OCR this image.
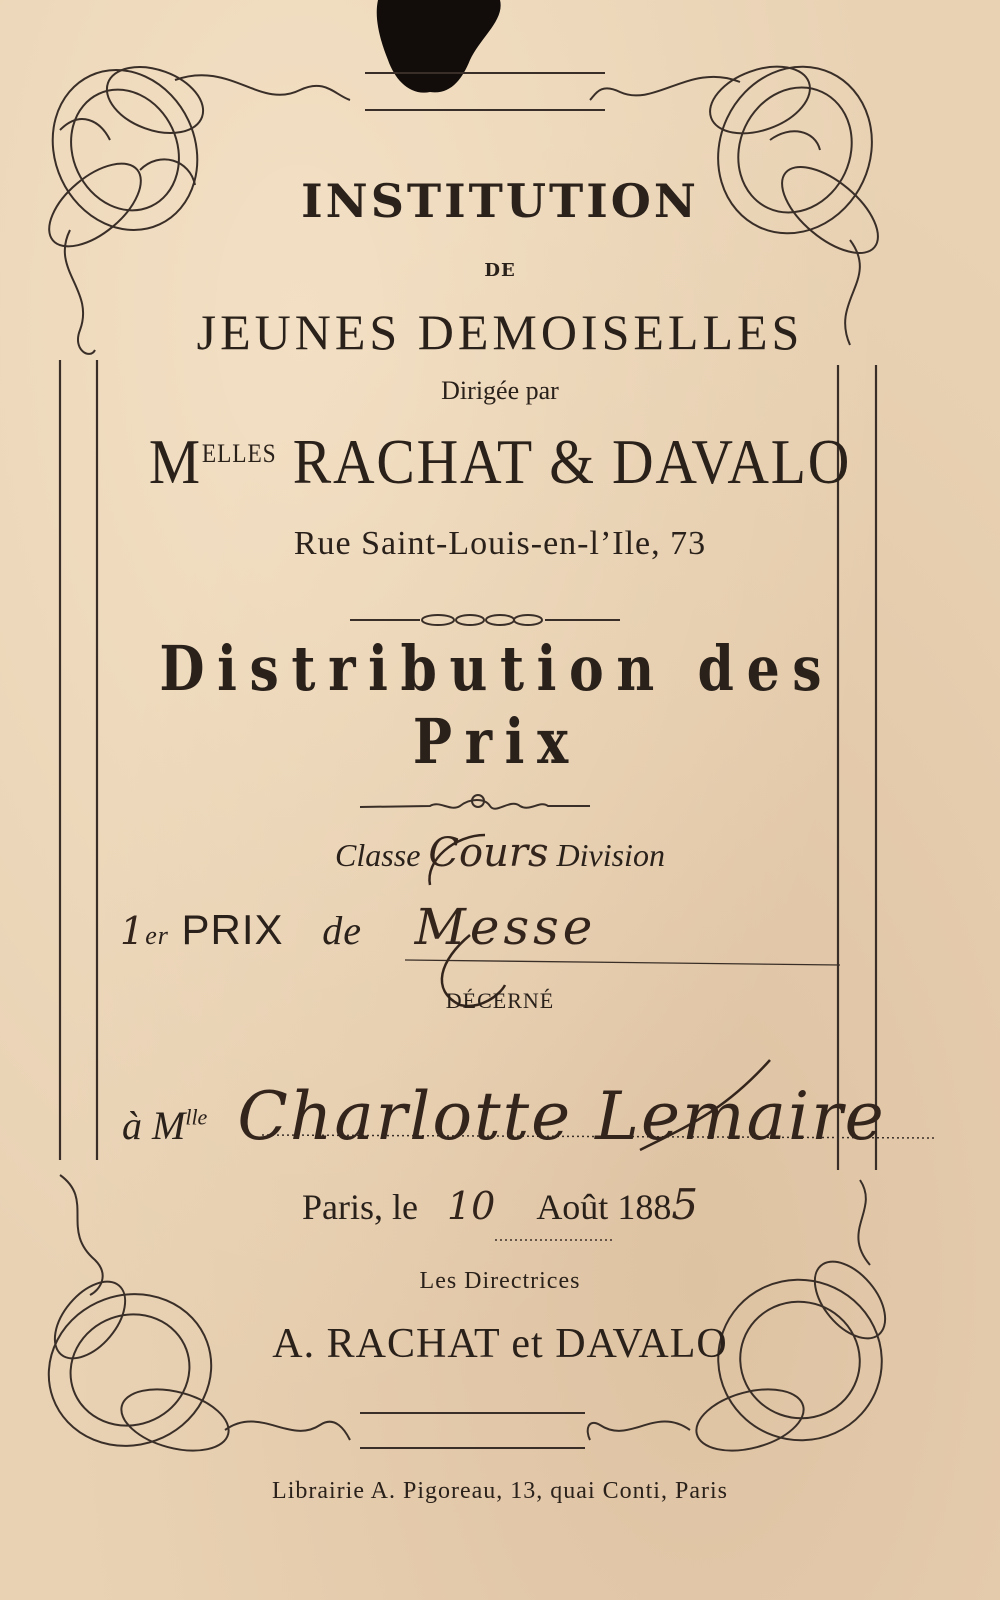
INSTITUTION
DE
JEUNES DEMOISELLES
Dirigée par
$M^{ELLES}$ RACHAT & DAVALO
Rue Saint-Louis-en-l’Ile, 73
Distribution des Prix
Classe Cours Division
1er PRIX de Messe
DÉCERNÉ
à $M^{lle}$ Charlotte Lemaire
Paris, le 10 Août 1885
Les Directrices
A. RACHAT et DAVALO
Librairie A. Pigoreau, 13, quai Conti, Paris
